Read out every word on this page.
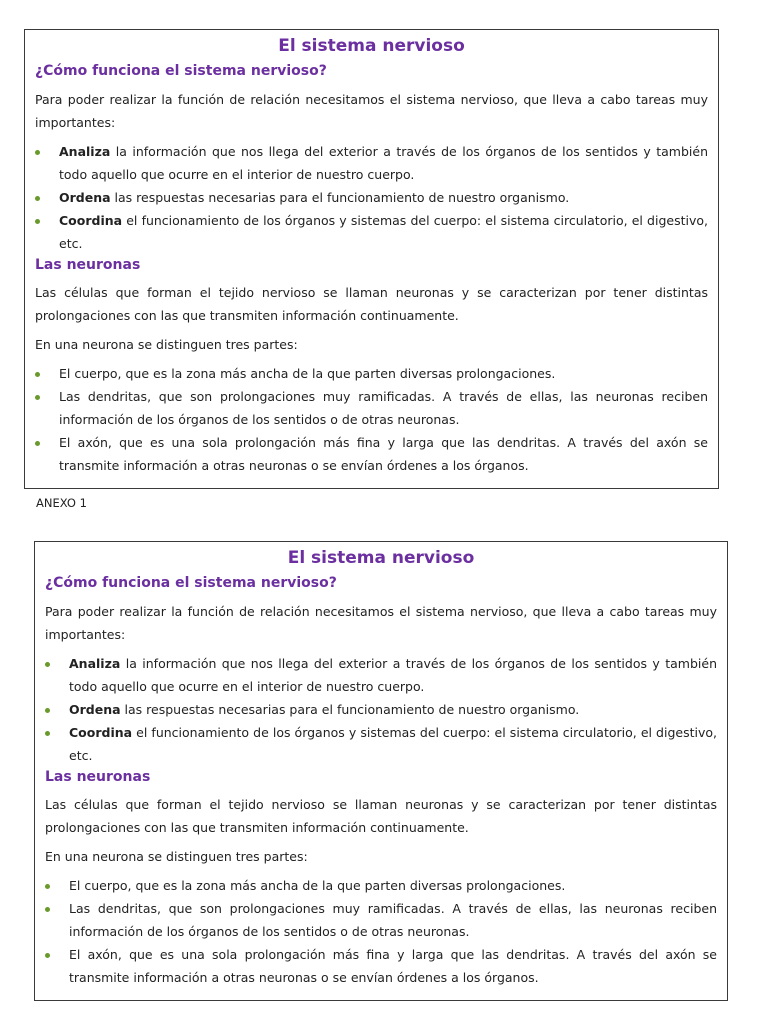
El sistema nervioso
¿Cómo funciona el sistema nervioso?

Para poder realizar la función de relación necesitamos el sistema nervioso, que lleva a cabo tareas muy importantes:

Analiza la información que nos llega del exterior a través de los órganos de los sentidos y también todo aquello que ocurre en el interior de nuestro cuerpo.
Ordena las respuestas necesarias para el funcionamiento de nuestro organismo.
Coordina el funcionamiento de los órganos y sistemas del cuerpo: el sistema circulatorio, el digestivo, etc.
Las neuronas

Las células que forman el tejido nervioso se llaman neuronas y se caracterizan por tener distintas prolongaciones con las que transmiten información continuamente.

En una neurona se distinguen tres partes:

El cuerpo, que es la zona más ancha de la que parten diversas prolongaciones.
Las dendritas, que son prolongaciones muy ramificadas. A través de ellas, las neuronas reciben información de los órganos de los sentidos o de otras neuronas.
El axón, que es una sola prolongación más fina y larga que las dendritas. A través del axón se transmite información a otras neuronas o se envían órdenes a los órganos.
ANEXO 1
El sistema nervioso
¿Cómo funciona el sistema nervioso?

Para poder realizar la función de relación necesitamos el sistema nervioso, que lleva a cabo tareas muy importantes:

Analiza la información que nos llega del exterior a través de los órganos de los sentidos y también todo aquello que ocurre en el interior de nuestro cuerpo.
Ordena las respuestas necesarias para el funcionamiento de nuestro organismo.
Coordina el funcionamiento de los órganos y sistemas del cuerpo: el sistema circulatorio, el digestivo, etc.
Las neuronas

Las células que forman el tejido nervioso se llaman neuronas y se caracterizan por tener distintas prolongaciones con las que transmiten información continuamente.

En una neurona se distinguen tres partes:

El cuerpo, que es la zona más ancha de la que parten diversas prolongaciones.
Las dendritas, que son prolongaciones muy ramificadas. A través de ellas, las neuronas reciben información de los órganos de los sentidos o de otras neuronas.
El axón, que es una sola prolongación más fina y larga que las dendritas. A través del axón se transmite información a otras neuronas o se envían órdenes a los órganos.
